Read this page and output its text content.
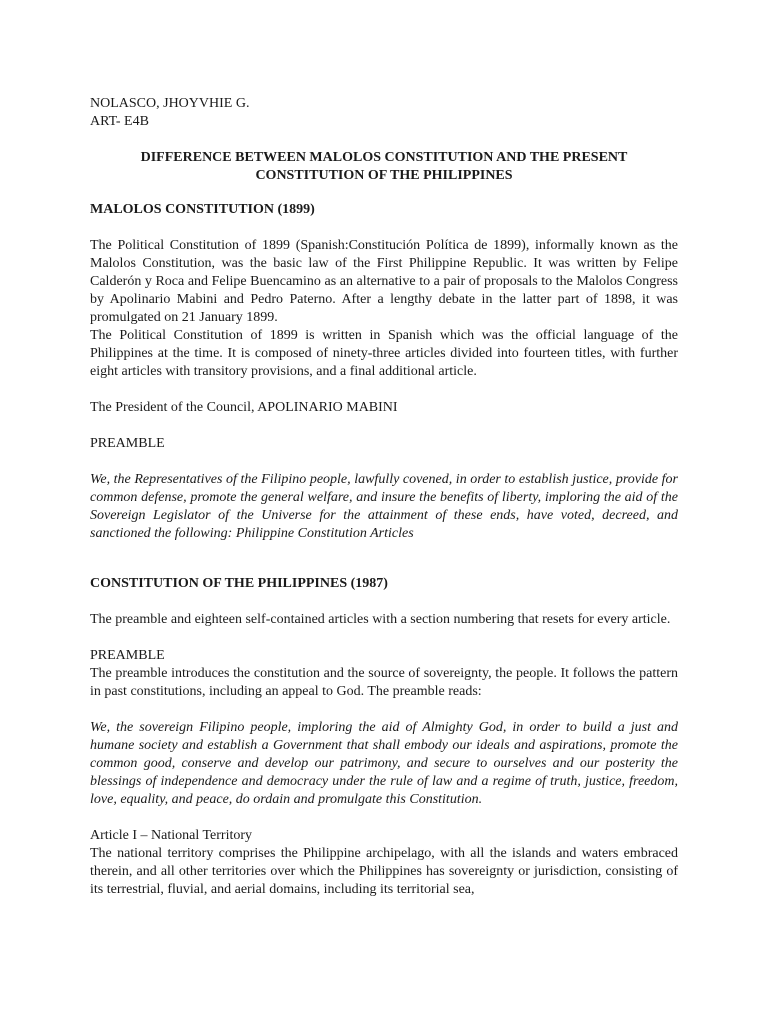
NOLASCO, JHOYVHIE G.
ART- E4B
DIFFERENCE BETWEEN MALOLOS CONSTITUTION AND THE PRESENT
CONSTITUTION OF THE PHILIPPINES
MALOLOS CONSTITUTION (1899)
The Political Constitution of 1899 (Spanish:Constitución Política de 1899), informally known as the Malolos Constitution, was the basic law of the First Philippine Republic. It was written by Felipe Calderón y Roca and Felipe Buencamino as an alternative to a pair of proposals to the Malolos Congress by Apolinario Mabini and Pedro Paterno. After a lengthy debate in the latter part of 1898, it was promulgated on 21 January 1899.
The Political Constitution of 1899 is written in Spanish which was the official language of the Philippines at the time. It is composed of ninety-three articles divided into fourteen titles, with further eight articles with transitory provisions, and a final additional article.
The President of the Council, APOLINARIO MABINI
PREAMBLE
We, the Representatives of the Filipino people, lawfully covened, in order to establish justice, provide for common defense, promote the general welfare, and insure the benefits of liberty, imploring the aid of the Sovereign Legislator of the Universe for the attainment of these ends, have voted, decreed, and sanctioned the following: Philippine Constitution Articles
CONSTITUTION OF THE PHILIPPINES (1987)
The preamble and eighteen self-contained articles with a section numbering that resets for every article.
PREAMBLE
The preamble introduces the constitution and the source of sovereignty, the people. It follows the pattern in past constitutions, including an appeal to God. The preamble reads:
We, the sovereign Filipino people, imploring the aid of Almighty God, in order to build a just and humane society and establish a Government that shall embody our ideals and aspirations, promote the common good, conserve and develop our patrimony, and secure to ourselves and our posterity the blessings of independence and democracy under the rule of law and a regime of truth, justice, freedom, love, equality, and peace, do ordain and promulgate this Constitution.
Article I – National Territory
The national territory comprises the Philippine archipelago, with all the islands and waters embraced therein, and all other territories over which the Philippines has sovereignty or jurisdiction, consisting of its terrestrial, fluvial, and aerial domains, including its territorial sea,
